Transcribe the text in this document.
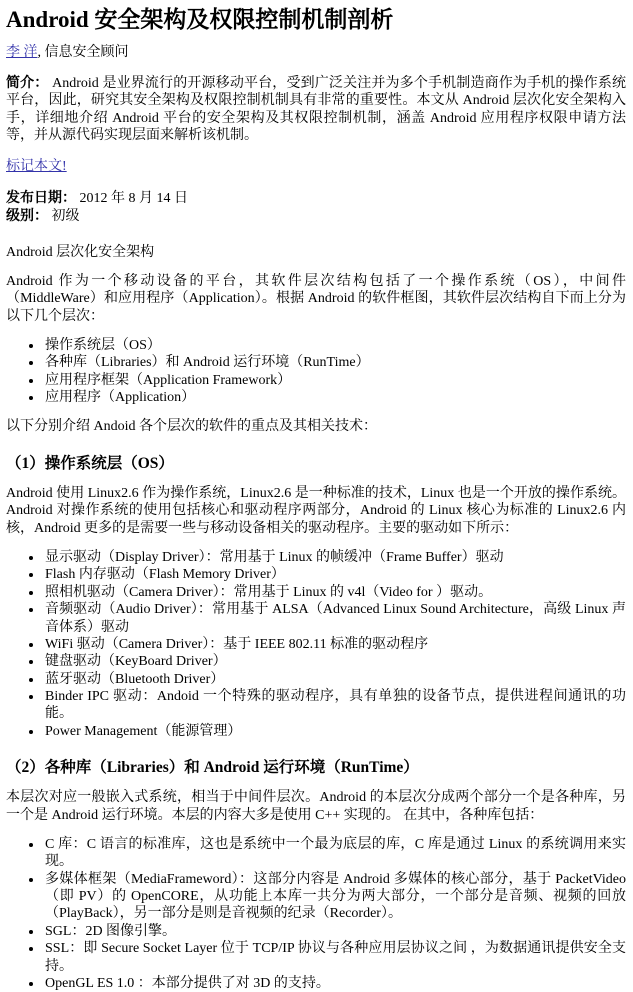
Android 安全架构及权限控制机制剖析

李 洋, 信息安全顾问

简介： Android 是业界流行的开源移动平台，受到广泛关注并为多个手机制造商作为手机的操作系统平台，因此，研究其安全架构及权限控制机制具有非常的重要性。本文从 Android 层次化安全架构入手，详细地介绍 Android 平台的安全架构及其权限控制机制，涵盖 Android 应用程序权限申请方法等，并从源代码实现层面来解析该机制。

标记本文!

发布日期： 2012 年 8 月 14 日
级别： 初级

Android 层次化安全架构

Android 作为一个移动设备的平台，其软件层次结构包括了一个操作系统（OS），中间件（MiddleWare）和应用程序（Application）。根据 Android 的软件框图，其软件层次结构自下而上分为以下几个层次：

• 操作系统层（OS）
• 各种库（Libraries）和 Android 运行环境（RunTime）
• 应用程序框架（Application Framework）
• 应用程序（Application）

以下分别介绍 Andoid 各个层次的软件的重点及其相关技术：

（1）操作系统层（OS）

Android 使用 Linux2.6 作为操作系统，Linux2.6 是一种标准的技术，Linux 也是一个开放的操作系统。Android 对操作系统的使用包括核心和驱动程序两部分，Android 的 Linux 核心为标准的 Linux2.6 内核，Android 更多的是需要一些与移动设备相关的驱动程序。主要的驱动如下所示：

• 显示驱动（Display Driver）：常用基于 Linux 的帧缓冲（Frame Buffer）驱动
• Flash 内存驱动（Flash Memory Driver）
• 照相机驱动（Camera Driver）：常用基于 Linux 的 v4l（Video for ）驱动。
• 音频驱动（Audio Driver）：常用基于 ALSA（Advanced Linux Sound Architecture，高级 Linux 声音体系）驱动
• WiFi 驱动（Camera Driver）：基于 IEEE 802.11 标准的驱动程序
• 键盘驱动（KeyBoard Driver）
• 蓝牙驱动（Bluetooth Driver）
• Binder IPC 驱动：Andoid 一个特殊的驱动程序，具有单独的设备节点，提供进程间通讯的功能。
• Power Management（能源管理）
（2）各种库（Libraries）和 Android 运行环境（RunTime）

本层次对应一般嵌入式系统，相当于中间件层次。Android 的本层次分成两个部分一个是各种库，另一个是 Android 运行环境。本层的内容大多是使用 C++ 实现的。 在其中，各种库包括：

• C 库：C 语言的标准库，这也是系统中一个最为底层的库，C 库是通过 Linux 的系统调用来实现。
• 多媒体框架（MediaFrameword）：这部分内容是 Android 多媒体的核心部分，基于 PacketVideo（即 PV）的 OpenCORE，从功能上本库一共分为两大部分，一个部分是音频、视频的回放（PlayBack），另一部分是则是音视频的纪录（Recorder）。
• SGL：2D 图像引擎。
• SSL：即 Secure Socket Layer 位于 TCP/IP 协议与各种应用层协议之间 ，为数据通讯提供安全支持。
• OpenGL ES 1.0 ：本部分提供了对 3D 的支持。
